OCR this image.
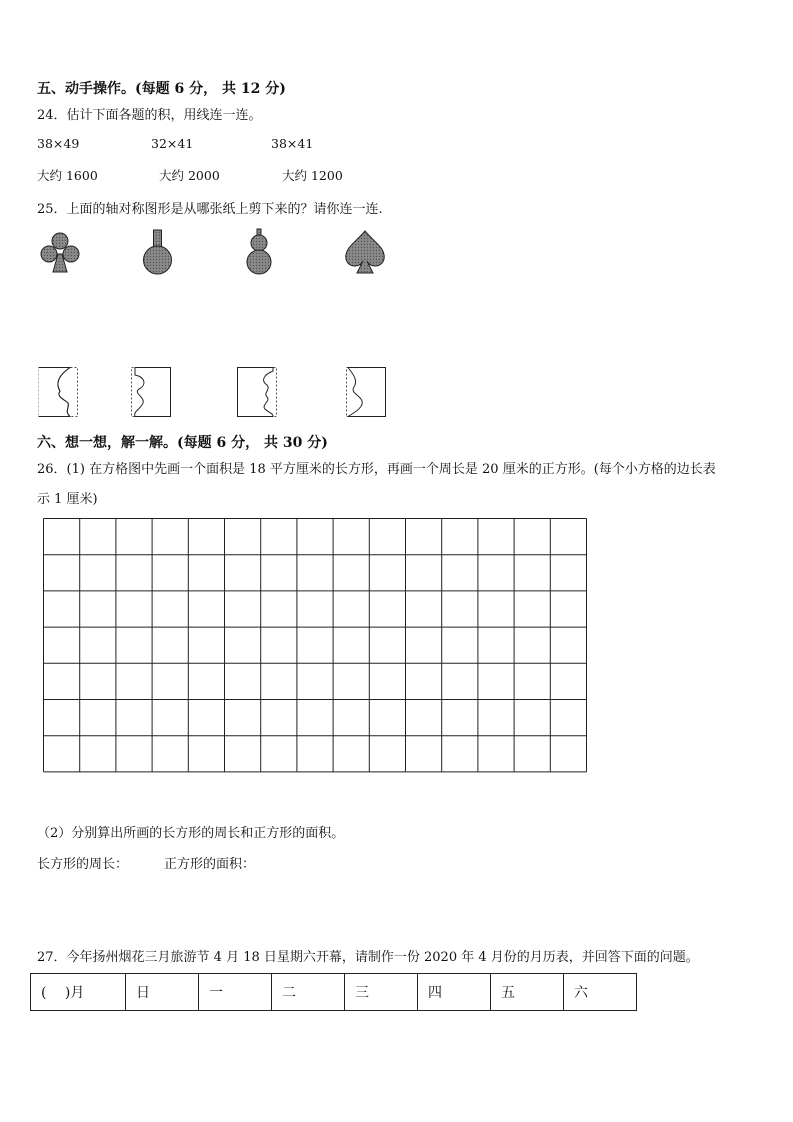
五、动手操作。(每题 6 分， 共 12 分)
24．估计下面各题的积，用线连一连。
38×49	32×41	38×41
大约 1600	大约 2000	大约 1200
25．上面的轴对称图形是从哪张纸上剪下来的？请你连一连.
六、想一想，解一解。(每题 6 分， 共 30 分)
26．(1) 在方格图中先画一个面积是 18 平方厘米的长方形，再画一个周长是 20 厘米的正方形。(每个小方格的边长表
示 1 厘米)
（2）分别算出所画的长方形的周长和正方形的面积。
长方形的周长：	正方形的面积：
27．今年扬州烟花三月旅游节 4 月 18 日星期六开幕，请制作一份 2020 年 4 月份的月历表，并回答下面的问题。
(　 )月	日	一	二	三	四	五	六
